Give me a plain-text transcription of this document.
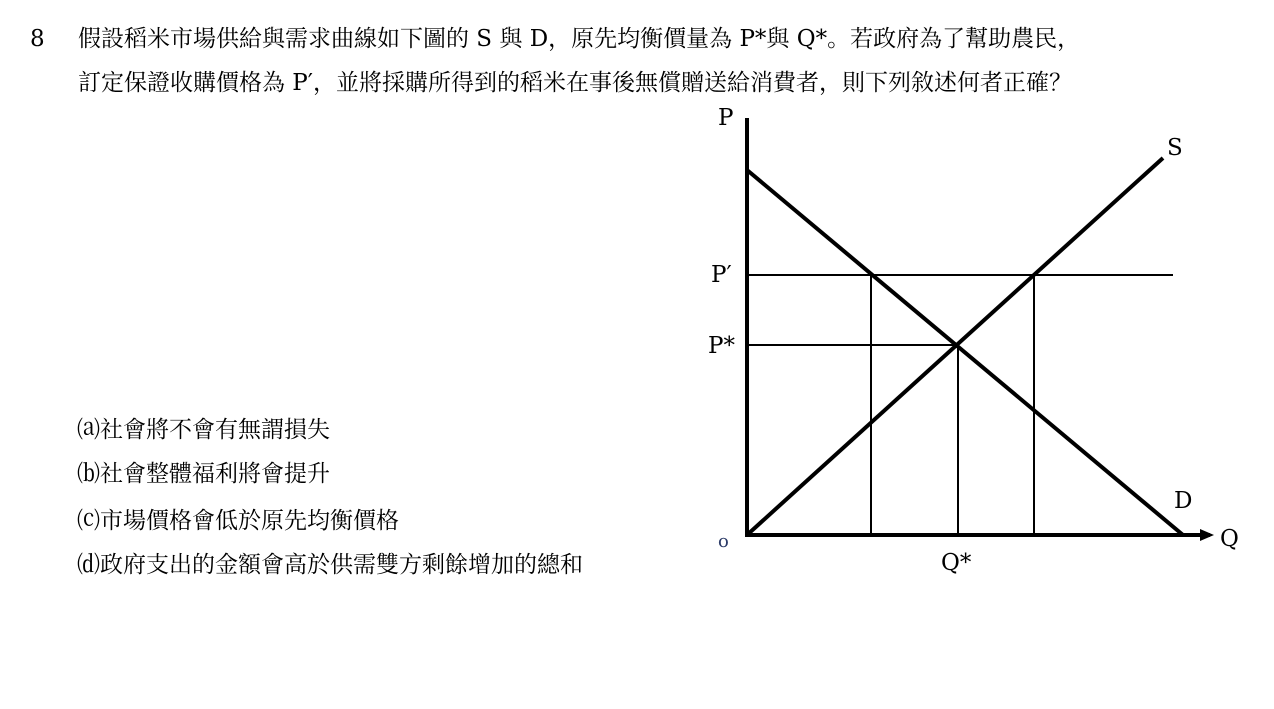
8 假設稻米市場供給與需求曲線如下圖的 S 與 D，原先均衡價量為 P*與 Q*。若政府為了幫助農民，
訂定保證收購價格為 P′，並將採購所得到的稻米在事後無償贈送給消費者，則下列敘述何者正確？
⒜社會將不會有無謂損失
⒝社會整體福利將會提升
⒞市場價格會低於原先均衡價格
⒟政府支出的金額會高於供需雙方剩餘增加的總和
P
Q
o
S
D
P′
P*
Q*
